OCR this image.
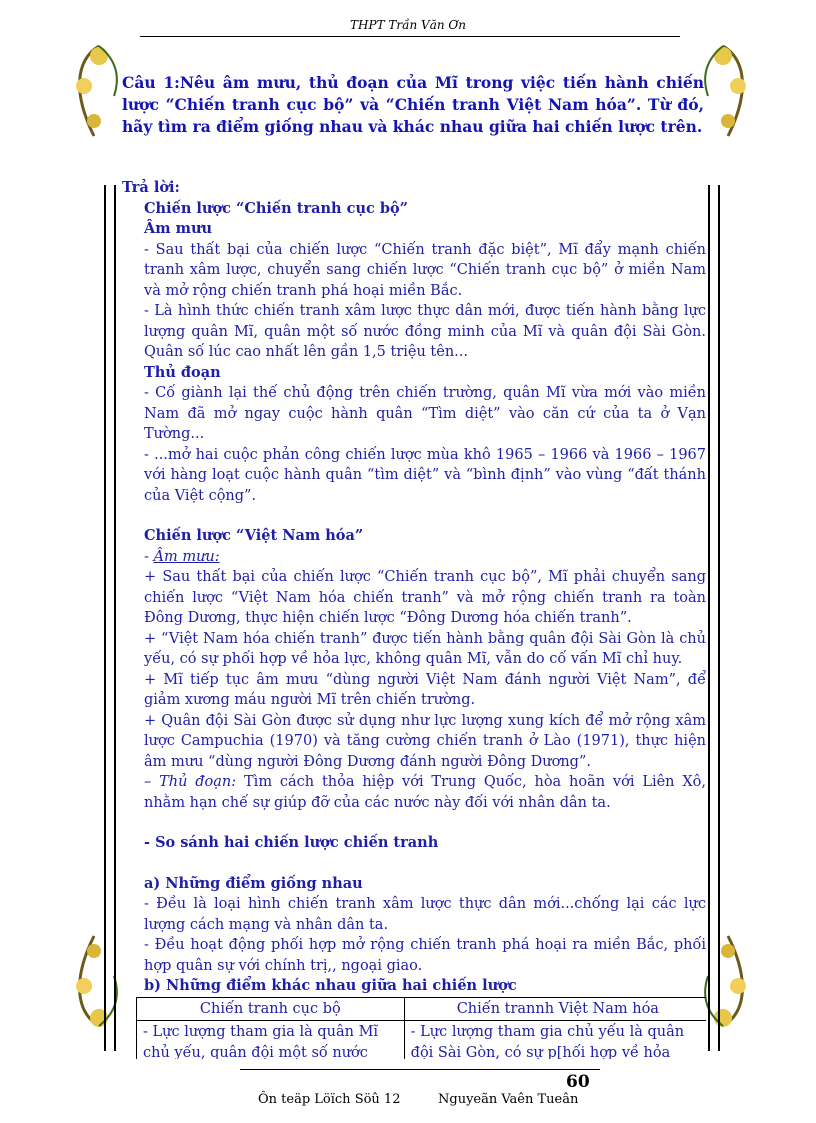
THPT Trần Văn Ơn
Câu 1:Nêu âm mưu, thủ đoạn của Mĩ trong việc tiến hành chiến lược “Chiến tranh cục bộ” và “Chiến tranh Việt Nam hóa”. Từ đó, hãy tìm ra điểm giống nhau và khác nhau giữa hai chiến lược trên.

Trả lời:

Chiến lược “Chiến tranh cục bộ”

Âm mưu

- Sau thất bại của chiến lược “Chiến tranh đặc biệt”, Mĩ đẩy mạnh chiến tranh xâm lược, chuyển sang chiến lược “Chiến tranh cục bộ” ở miền Nam và mở rộng chiến tranh phá hoại miền Bắc.

- Là hình thức chiến tranh xâm lược thực dân mới, được tiến hành bằng lực lượng quân Mĩ, quân một số nước đồng minh của Mĩ và quân đội Sài Gòn. Quân số lúc cao nhất lên gần 1,5 triệu tên...

Thủ đoạn

- Cố giành lại thế chủ động trên chiến trường, quân Mĩ vừa mới vào miền Nam đã mở ngay cuộc hành quân “Tìm diệt” vào căn cứ của ta ở Vạn Tường...

- ...mở hai cuộc phản công chiến lược mùa khô 1965 – 1966 và 1966 – 1967 với hàng loạt cuộc hành quân “tìm diệt” và “bình định” vào vùng “đất thánh của Việt cộng”.

Chiến lược “Việt Nam hóa”

- Âm mưu:

+ Sau thất bại của chiến lược “Chiến tranh cục bộ”, Mĩ phải chuyển sang chiến lược “Việt Nam hóa chiến tranh” và mở rộng chiến tranh ra toàn Đông Dương, thực hiện chiến lược “Đông Dương hóa chiến tranh”.

+ “Việt Nam hóa chiến tranh” được tiến hành bằng quân đội Sài Gòn là chủ yếu, có sự phối hợp về hỏa lực, không quân Mĩ, vẫn do cố vấn Mĩ chỉ huy.

+ Mĩ tiếp tục âm mưu “dùng người Việt Nam đánh người Việt Nam”, để giảm xương máu người Mĩ trên chiến trường.

+ Quân đội Sài Gòn được sử dụng như lực lượng xung kích để mở rộng xâm lược Campuchia (1970) và tăng cường chiến tranh ở Lào (1971), thực hiện âm mưu “dùng người Đông Dương đánh người Đông Dương”.

– Thủ đoạn: Tìm cách thỏa hiệp với Trung Quốc, hòa hoãn với Liên Xô, nhằm hạn chế sự giúp đỡ của các nước này đối với nhân dân ta.

- So sánh hai chiến lược chiến tranh

a) Những điểm giống nhau

- Đều là loại hình chiến tranh xâm lược thực dân mới...chống lại các lực lượng cách mạng và nhân dân ta.

- Đều hoạt động phối hợp mở rộng chiến tranh phá hoại ra miền Bắc, phối hợp quân sự với chính trị,, ngoại giao.

b) Những điểm khác nhau giữa hai chiến lược

Chiến tranh cục bộ	Chiến trannh Việt Nam hóa
- Lực lượng tham gia là quân Mĩ chủ yếu, quân đội một số nước	- Lực lượng tham gia chủ yếu là quân đội Sài Gòn, có sự p[hối hợp về hỏa
60
Ôn teäp Löïch Söû 12	Nguyeãn Vaên Tueân
